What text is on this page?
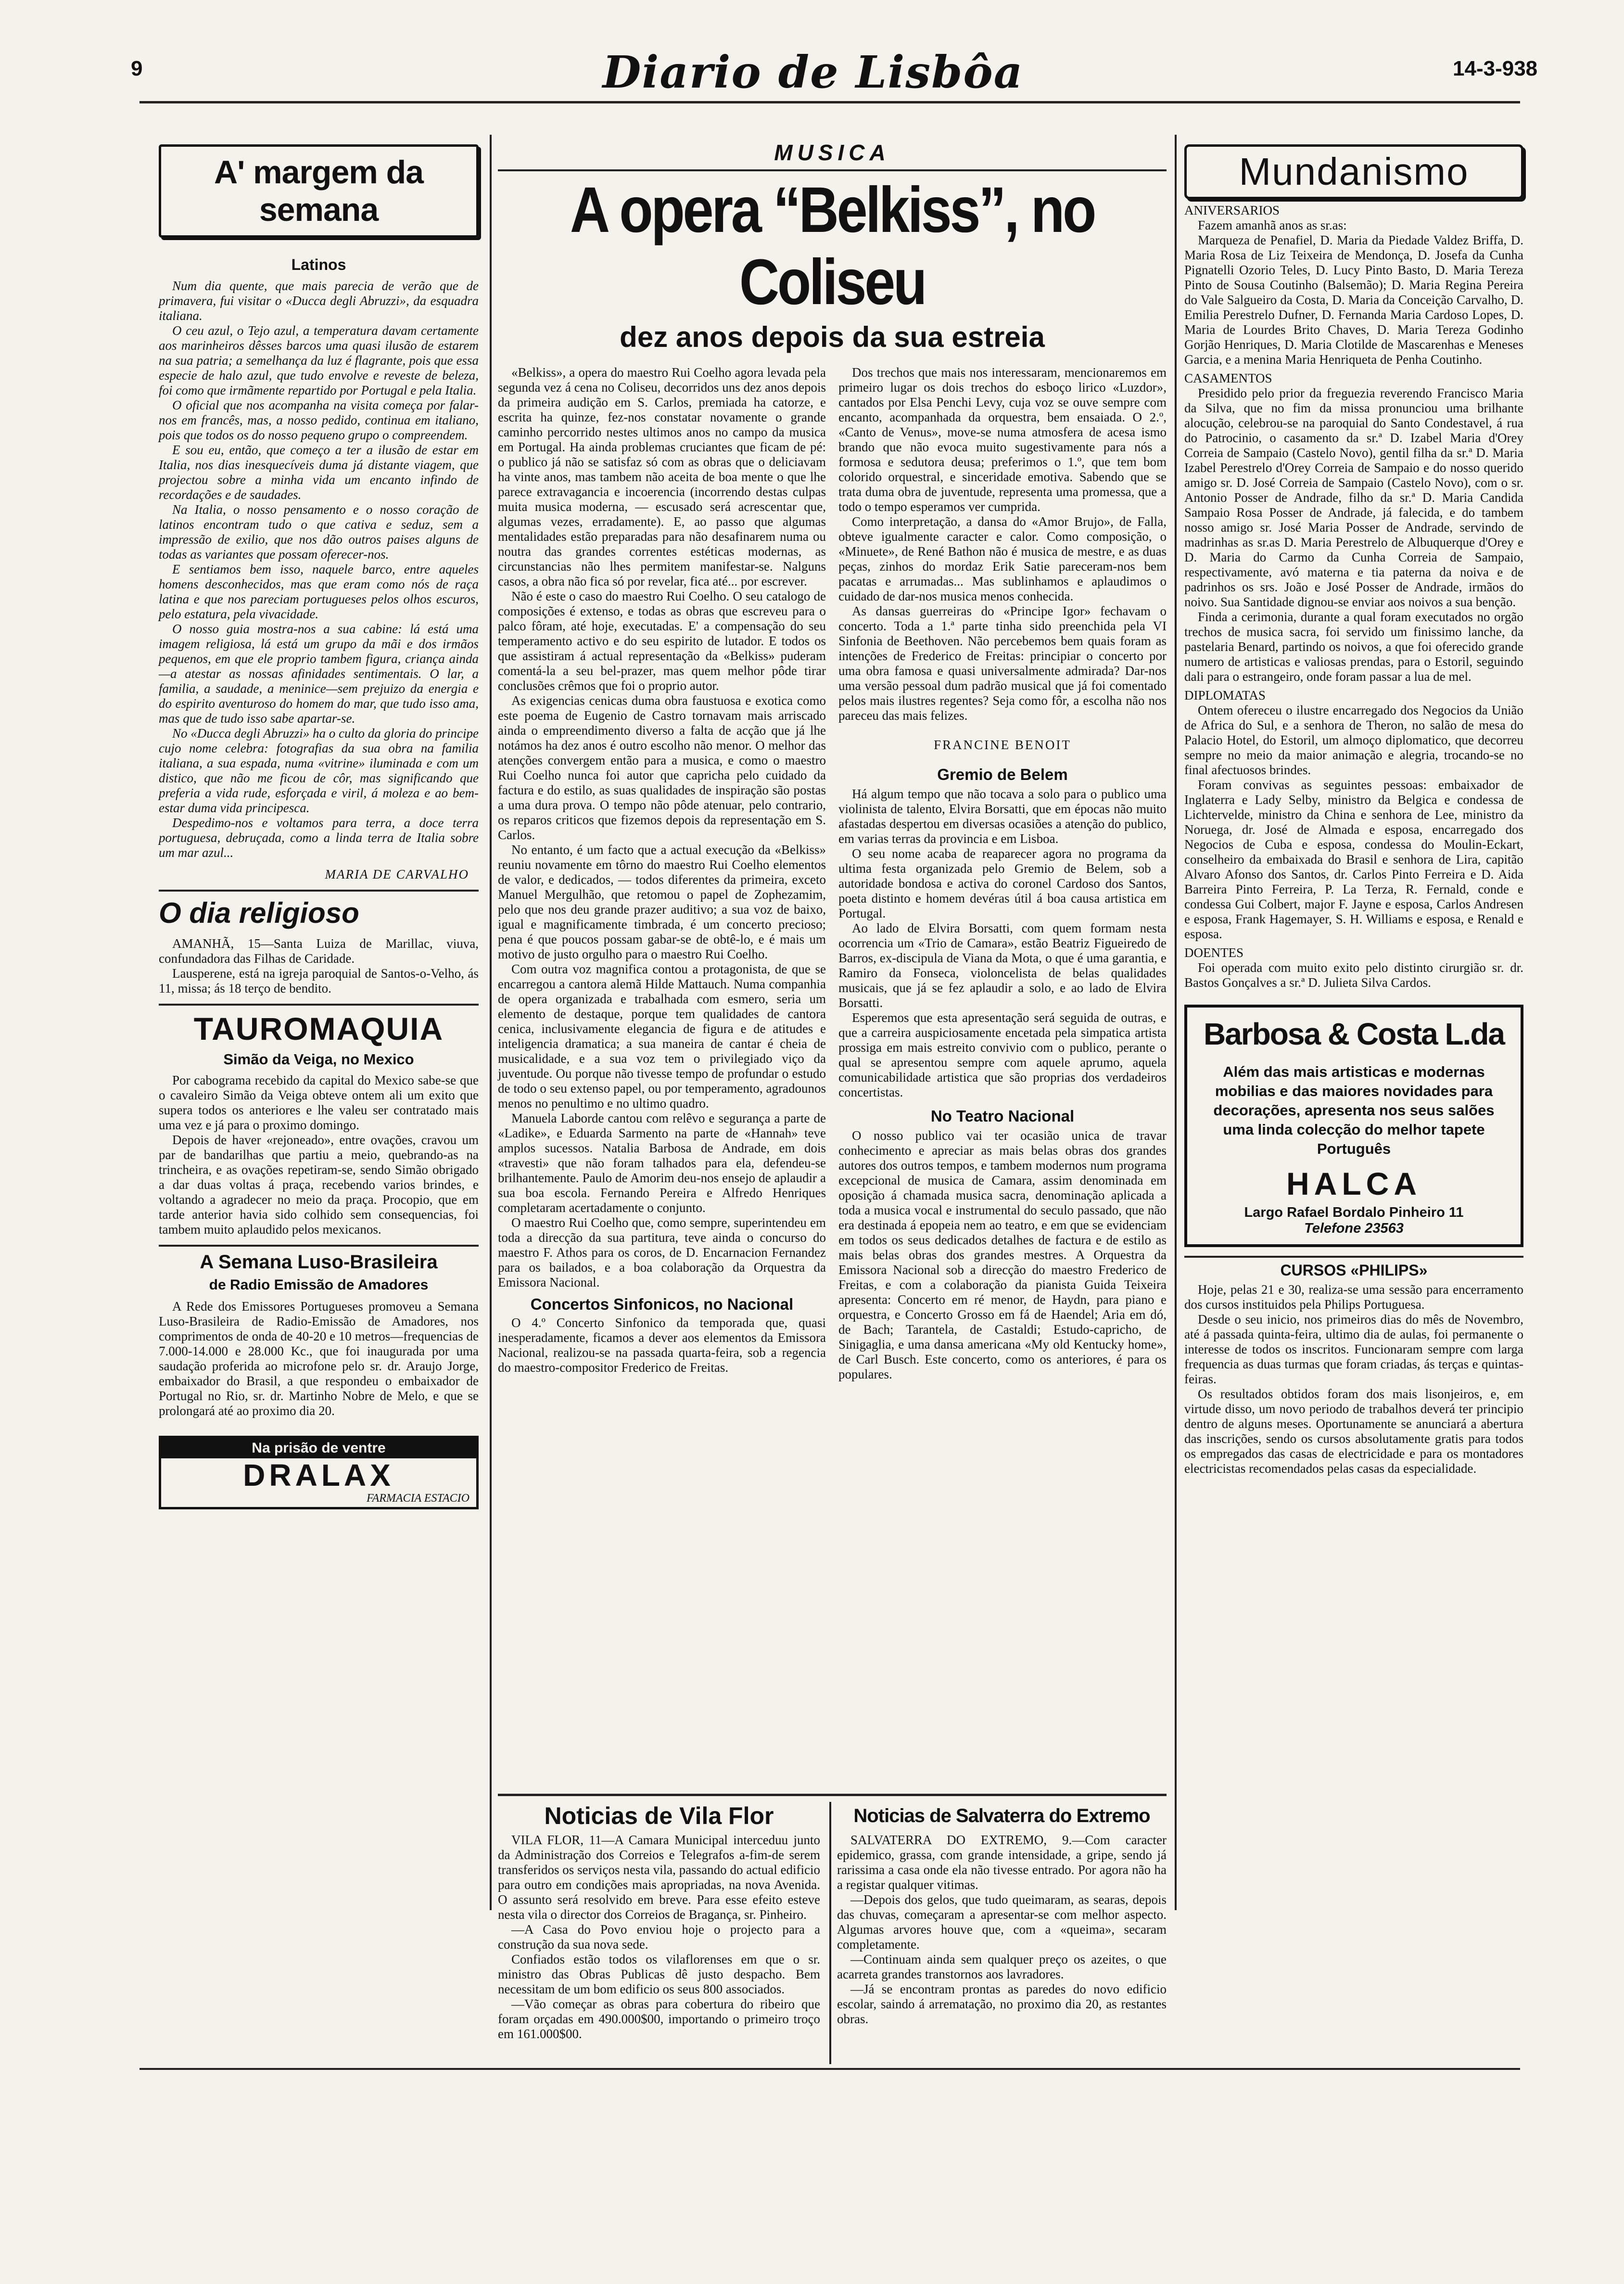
9	Diario de Lisbôa	14-3-938
A' margem da semana
Latinos

Num dia quente, que mais parecia de verão que de primavera, fui visitar o «Ducca degli Abruzzi», da esquadra italiana.

O ceu azul, o Tejo azul, a temperatura davam certamente aos marinheiros dêsses barcos uma quasi ilusão de estarem na sua patria; a semelhança da luz é flagrante, pois que essa especie de halo azul, que tudo envolve e reveste de beleza, foi como que irmãmente repartido por Portugal e pela Italia.

O oficial que nos acompanha na visita começa por falar-nos em francês, mas, a nosso pedido, continua em italiano, pois que todos os do nosso pequeno grupo o compreendem.

E sou eu, então, que começo a ter a ilusão de estar em Italia, nos dias inesquecíveis duma já distante viagem, que projectou sobre a minha vida um encanto infindo de recordações e de saudades.

Na Italia, o nosso pensamento e o nosso coração de latinos encontram tudo o que cativa e seduz, sem a impressão de exilio, que nos dão outros paises alguns de todas as variantes que possam oferecer-nos.

E sentiamos bem isso, naquele barco, entre aqueles homens desconhecidos, mas que eram como nós de raça latina e que nos pareciam portugueses pelos olhos escuros, pelo estatura, pela vivacidade.

O nosso guia mostra-nos a sua cabine: lá está uma imagem religiosa, lá está um grupo da mãi e dos irmãos pequenos, em que ele proprio tambem figura, criança ainda—a atestar as nossas afinidades sentimentais. O lar, a familia, a saudade, a meninice—sem prejuizo da energia e do espirito aventuroso do homem do mar, que tudo isso ama, mas que de tudo isso sabe apartar-se.

No «Ducca degli Abruzzi» ha o culto da gloria do principe cujo nome celebra: fotografias da sua obra na familia italiana, a sua espada, numa «vitrine» iluminada e com um distico, que não me ficou de côr, mas significando que preferia a vida rude, esforçada e viril, á moleza e ao bem-estar duma vida principesca.

Despedimo-nos e voltamos para terra, a doce terra portuguesa, debruçada, como a linda terra de Italia sobre um mar azul...

MARIA DE CARVALHO
O dia religioso

AMANHÃ, 15—Santa Luiza de Marillac, viuva, confundadora das Filhas de Caridade.

Lausperene, está na igreja paroquial de Santos-o-Velho, ás 11, missa; ás 18 terço de bendito.

TAUROMAQUIA
Simão da Veiga, no Mexico

Por cabograma recebido da capital do Mexico sabe-se que o cavaleiro Simão da Veiga obteve ontem ali um exito que supera todos os anteriores e lhe valeu ser contratado mais uma vez e já para o proximo domingo.

Depois de haver «rejoneado», entre ovações, cravou um par de bandarilhas que partiu a meio, quebrando-as na trincheira, e as ovações repetiram-se, sendo Simão obrigado a dar duas voltas á praça, recebendo varios brindes, e voltando a agradecer no meio da praça. Procopio, que em tarde anterior havia sido colhido sem consequencias, foi tambem muito aplaudido pelos mexicanos.

A Semana Luso-Brasileira
de Radio Emissão de Amadores

A Rede dos Emissores Portugueses promoveu a Semana Luso-Brasileira de Radio-Emissão de Amadores, nos comprimentos de onda de 40-20 e 10 metros—frequencias de 7.000-14.000 e 28.000 Kc., que foi inaugurada por uma saudação proferida ao microfone pelo sr. dr. Araujo Jorge, embaixador do Brasil, a que respondeu o embaixador de Portugal no Rio, sr. dr. Martinho Nobre de Melo, e que se prolongará até ao proximo dia 20.

Na prisão de ventre
DRALAX
FARMACIA ESTACIO
MUSICA
A opera “Belkiss”, no Coliseu
dez anos depois da sua estreia

«Belkiss», a opera do maestro Rui Coelho agora levada pela segunda vez á cena no Coliseu, decorridos uns dez anos depois da primeira audição em S. Carlos, premiada ha catorze, e escrita ha quinze, fez-nos constatar novamente o grande caminho percorrido nestes ultimos anos no campo da musica em Portugal. Ha ainda problemas cruciantes que ficam de pé: o publico já não se satisfaz só com as obras que o deliciavam ha vinte anos, mas tambem não aceita de boa mente o que lhe parece extravagancia e incoerencia (incorrendo destas culpas muita musica moderna, — escusado será acrescentar que, algumas vezes, erradamente). E, ao passo que algumas mentalidades estão preparadas para não desafinarem numa ou noutra das grandes correntes estéticas modernas, as circunstancias não lhes permitem manifestar-se. Nalguns casos, a obra não fica só por revelar, fica até... por escrever.

Não é este o caso do maestro Rui Coelho. O seu catalogo de composições é extenso, e todas as obras que escreveu para o palco fôram, até hoje, executadas. E' a compensação do seu temperamento activo e do seu espirito de lutador. E todos os que assistiram á actual representação da «Belkiss» puderam comentá-la a seu bel-prazer, mas quem melhor pôde tirar conclusões crêmos que foi o proprio autor.

As exigencias cenicas duma obra faustuosa e exotica como este poema de Eugenio de Castro tornavam mais arriscado ainda o empreendimento diverso a falta de acção que já lhe notámos ha dez anos é outro escolho não menor. O melhor das atenções convergem então para a musica, e como o maestro Rui Coelho nunca foi autor que capricha pelo cuidado da factura e do estilo, as suas qualidades de inspiração são postas a uma dura prova. O tempo não pôde atenuar, pelo contrario, os reparos criticos que fizemos depois da representação em S. Carlos.

No entanto, é um facto que a actual execução da «Belkiss» reuniu novamente em tôrno do maestro Rui Coelho elementos de valor, e dedicados, — todos diferentes da primeira, exceto Manuel Mergulhão, que retomou o papel de Zophezamim, pelo que nos deu grande prazer auditivo; a sua voz de baixo, igual e magnificamente timbrada, é um concerto precioso; pena é que poucos possam gabar-se de obtê-lo, e é mais um motivo de justo orgulho para o maestro Rui Coelho.

Com outra voz magnifica contou a protagonista, de que se encarregou a cantora alemã Hilde Mattauch. Numa companhia de opera organizada e trabalhada com esmero, seria um elemento de destaque, porque tem qualidades de cantora cenica, inclusivamente elegancia de figura e de atitudes e inteligencia dramatica; a sua maneira de cantar é cheia de musicalidade, e a sua voz tem o privilegiado viço da juventude. Ou porque não tivesse tempo de profundar o estudo de todo o seu extenso papel, ou por temperamento, agradounos menos no penultimo e no ultimo quadro.

Manuela Laborde cantou com relêvo e segurança a parte de «Ladike», e Eduarda Sarmento na parte de «Hannah» teve amplos sucessos. Natalia Barbosa de Andrade, em dois «travesti» que não foram talhados para ela, defendeu-se brilhantemente. Paulo de Amorim deu-nos ensejo de aplaudir a sua boa escola. Fernando Pereira e Alfredo Henriques completaram acertadamente o conjunto.

O maestro Rui Coelho que, como sempre, superintendeu em toda a direcção da sua partitura, teve ainda o concurso do maestro F. Athos para os coros, de D. Encarnacion Fernandez para os bailados, e a boa colaboração da Orquestra da Emissora Nacional.

Concertos Sinfonicos, no Nacional

O 4.º Concerto Sinfonico da temporada que, quasi inesperadamente, ficamos a dever aos elementos da Emissora Nacional, realizou-se na passada quarta-feira, sob a regencia do maestro-compositor Frederico de Freitas.

Dos trechos que mais nos interessaram, mencionaremos em primeiro lugar os dois trechos do esboço lirico «Luzdor», cantados por Elsa Penchi Levy, cuja voz se ouve sempre com encanto, acompanhada da orquestra, bem ensaiada. O 2.º, «Canto de Venus», move-se numa atmosfera de acesa ismo brando que não evoca muito sugestivamente para nós a formosa e sedutora deusa; preferimos o 1.º, que tem bom colorido orquestral, e sinceridade emotiva. Sabendo que se trata duma obra de juventude, representa uma promessa, que a todo o tempo esperamos ver cumprida.

Como interpretação, a dansa do «Amor Brujo», de Falla, obteve igualmente caracter e calor. Como composição, o «Minuete», de René Bathon não é musica de mestre, e as duas peças, zinhos do mordaz Erik Satie pareceram-nos bem pacatas e arrumadas... Mas sublinhamos e aplaudimos o cuidado de dar-nos musica menos conhecida.

As dansas guerreiras do «Principe Igor» fechavam o concerto. Toda a 1.ª parte tinha sido preenchida pela VI Sinfonia de Beethoven. Não percebemos bem quais foram as intenções de Frederico de Freitas: principiar o concerto por uma obra famosa e quasi universalmente admirada? Dar-nos uma versão pessoal dum padrão musical que já foi comentado pelos mais ilustres regentes? Seja como fôr, a escolha não nos pareceu das mais felizes.

FRANCINE BENOIT
Gremio de Belem

Há algum tempo que não tocava a solo para o publico uma violinista de talento, Elvira Borsatti, que em épocas não muito afastadas despertou em diversas ocasiões a atenção do publico, em varias terras da provincia e em Lisboa.

O seu nome acaba de reaparecer agora no programa da ultima festa organizada pelo Gremio de Belem, sob a autoridade bondosa e activa do coronel Cardoso dos Santos, poeta distinto e homem devéras útil á boa causa artistica em Portugal.

Ao lado de Elvira Borsatti, com quem formam nesta ocorrencia um «Trio de Camara», estão Beatriz Figueiredo de Barros, ex-discipula de Viana da Mota, o que é uma garantia, e Ramiro da Fonseca, violoncelista de belas qualidades musicais, que já se fez aplaudir a solo, e ao lado de Elvira Borsatti.

Esperemos que esta apresentação será seguida de outras, e que a carreira auspiciosamente encetada pela simpatica artista prossiga em mais estreito convivio com o publico, perante o qual se apresentou sempre com aquele aprumo, aquela comunicabilidade artistica que são proprias dos verdadeiros concertistas.

No Teatro Nacional

O nosso publico vai ter ocasião unica de travar conhecimento e apreciar as mais belas obras dos grandes autores dos outros tempos, e tambem modernos num programa excepcional de musica de Camara, assim denominada em oposição á chamada musica sacra, denominação aplicada a toda a musica vocal e instrumental do seculo passado, que não era destinada á epopeia nem ao teatro, e em que se evidenciam em todos os seus dedicados detalhes de factura e de estilo as mais belas obras dos grandes mestres. A Orquestra da Emissora Nacional sob a direcção do maestro Frederico de Freitas, e com a colaboração da pianista Guida Teixeira apresenta: Concerto em ré menor, de Haydn, para piano e orquestra, e Concerto Grosso em fá de Haendel; Aria em dó, de Bach; Tarantela, de Castaldi; Estudo-capricho, de Sinigaglia, e uma dansa americana «My old Kentucky home», de Carl Busch. Este concerto, como os anteriores, é para os populares.

Noticias de Vila Flor

VILA FLOR, 11—A Camara Municipal interceduu junto da Administração dos Correios e Telegrafos a-fim-de serem transferidos os serviços nesta vila, passando do actual edificio para outro em condições mais apropriadas, na nova Avenida. O assunto será resolvido em breve. Para esse efeito esteve nesta vila o director dos Correios de Bragança, sr. Pinheiro.

—A Casa do Povo enviou hoje o projecto para a construção da sua nova sede.

Confiados estão todos os vilaflorenses em que o sr. ministro das Obras Publicas dê justo despacho. Bem necessitam de um bom edificio os seus 800 associados.

—Vão começar as obras para cobertura do ribeiro que foram orçadas em 490.000$00, importando o primeiro troço em 161.000$00.

Noticias de Salvaterra do Extremo

SALVATERRA DO EXTREMO, 9.—Com caracter epidemico, grassa, com grande intensidade, a gripe, sendo já rarissima a casa onde ela não tivesse entrado. Por agora não ha a registar qualquer vitimas.

—Depois dos gelos, que tudo queimaram, as searas, depois das chuvas, começaram a apresentar-se com melhor aspecto. Algumas arvores houve que, com a «queima», secaram completamente.

—Continuam ainda sem qualquer preço os azeites, o que acarreta grandes transtornos aos lavradores.

—Já se encontram prontas as paredes do novo edificio escolar, saindo á arrematação, no proximo dia 20, as restantes obras.

Mundanismo
ANIVERSARIOS

Fazem amanhã anos as sr.as:

Marqueza de Penafiel, D. Maria da Piedade Valdez Briffa, D. Maria Rosa de Liz Teixeira de Mendonça, D. Josefa da Cunha Pignatelli Ozorio Teles, D. Lucy Pinto Basto, D. Maria Tereza Pinto de Sousa Coutinho (Balsemão); D. Maria Regina Pereira do Vale Salgueiro da Costa, D. Maria da Conceição Carvalho, D. Emilia Perestrelo Dufner, D. Fernanda Maria Cardoso Lopes, D. Maria de Lourdes Brito Chaves, D. Maria Tereza Godinho Gorjão Henriques, D. Maria Clotilde de Mascarenhas e Meneses Garcia, e a menina Maria Henriqueta de Penha Coutinho.

CASAMENTOS

Presidido pelo prior da freguezia reverendo Francisco Maria da Silva, que no fim da missa pronunciou uma brilhante alocução, celebrou-se na paroquial do Santo Condestavel, á rua do Patrocinio, o casamento da sr.ª D. Izabel Maria d'Orey Correia de Sampaio (Castelo Novo), gentil filha da sr.ª D. Maria Izabel Perestrelo d'Orey Correia de Sampaio e do nosso querido amigo sr. D. José Correia de Sampaio (Castelo Novo), com o sr. Antonio Posser de Andrade, filho da sr.ª D. Maria Candida Sampaio Rosa Posser de Andrade, já falecida, e do tambem nosso amigo sr. José Maria Posser de Andrade, servindo de madrinhas as sr.as D. Maria Perestrelo de Albuquerque d'Orey e D. Maria do Carmo da Cunha Correia de Sampaio, respectivamente, avó materna e tia paterna da noiva e de padrinhos os srs. João e José Posser de Andrade, irmãos do noivo. Sua Santidade dignou-se enviar aos noivos a sua benção.

Finda a cerimonia, durante a qual foram executados no orgão trechos de musica sacra, foi servido um finissimo lanche, da pastelaria Benard, partindo os noivos, a que foi oferecido grande numero de artisticas e valiosas prendas, para o Estoril, seguindo dali para o estrangeiro, onde foram passar a lua de mel.

DIPLOMATAS

Ontem ofereceu o ilustre encarregado dos Negocios da União de Africa do Sul, e a senhora de Theron, no salão de mesa do Palacio Hotel, do Estoril, um almoço diplomatico, que decorreu sempre no meio da maior animação e alegria, trocando-se no final afectuosos brindes.

Foram convivas as seguintes pessoas: embaixador de Inglaterra e Lady Selby, ministro da Belgica e condessa de Lichtervelde, ministro da China e senhora de Lee, ministro da Noruega, dr. José de Almada e esposa, encarregado dos Negocios de Cuba e esposa, condessa do Moulin-Eckart, conselheiro da embaixada do Brasil e senhora de Lira, capitão Alvaro Afonso dos Santos, dr. Carlos Pinto Ferreira e D. Aida Barreira Pinto Ferreira, P. La Terza, R. Fernald, conde e condessa Gui Colbert, major F. Jayne e esposa, Carlos Andresen e esposa, Frank Hagemayer, S. H. Williams e esposa, e Renald e esposa.

DOENTES

Foi operada com muito exito pelo distinto cirurgião sr. dr. Bastos Gonçalves a sr.ª D. Julieta Silva Cardos.

Barbosa & Costa L.da
Além das mais artisticas e modernas mobilias e das maiores novidades para decorações, apresenta nos seus salões uma linda colecção do melhor tapete Português
HALCA
Largo Rafael Bordalo Pinheiro 11
Telefone 23563
CURSOS «PHILIPS»

Hoje, pelas 21 e 30, realiza-se uma sessão para encerramento dos cursos instituidos pela Philips Portuguesa.

Desde o seu inicio, nos primeiros dias do mês de Novembro, até á passada quinta-feira, ultimo dia de aulas, foi permanente o interesse de todos os inscritos. Funcionaram sempre com larga frequencia as duas turmas que foram criadas, ás terças e quintas-feiras.

Os resultados obtidos foram dos mais lisonjeiros, e, em virtude disso, um novo periodo de trabalhos deverá ter principio dentro de alguns meses. Oportunamente se anunciará a abertura das inscrições, sendo os cursos absolutamente gratis para todos os empregados das casas de electricidade e para os montadores electricistas recomendados pelas casas da especialidade.
